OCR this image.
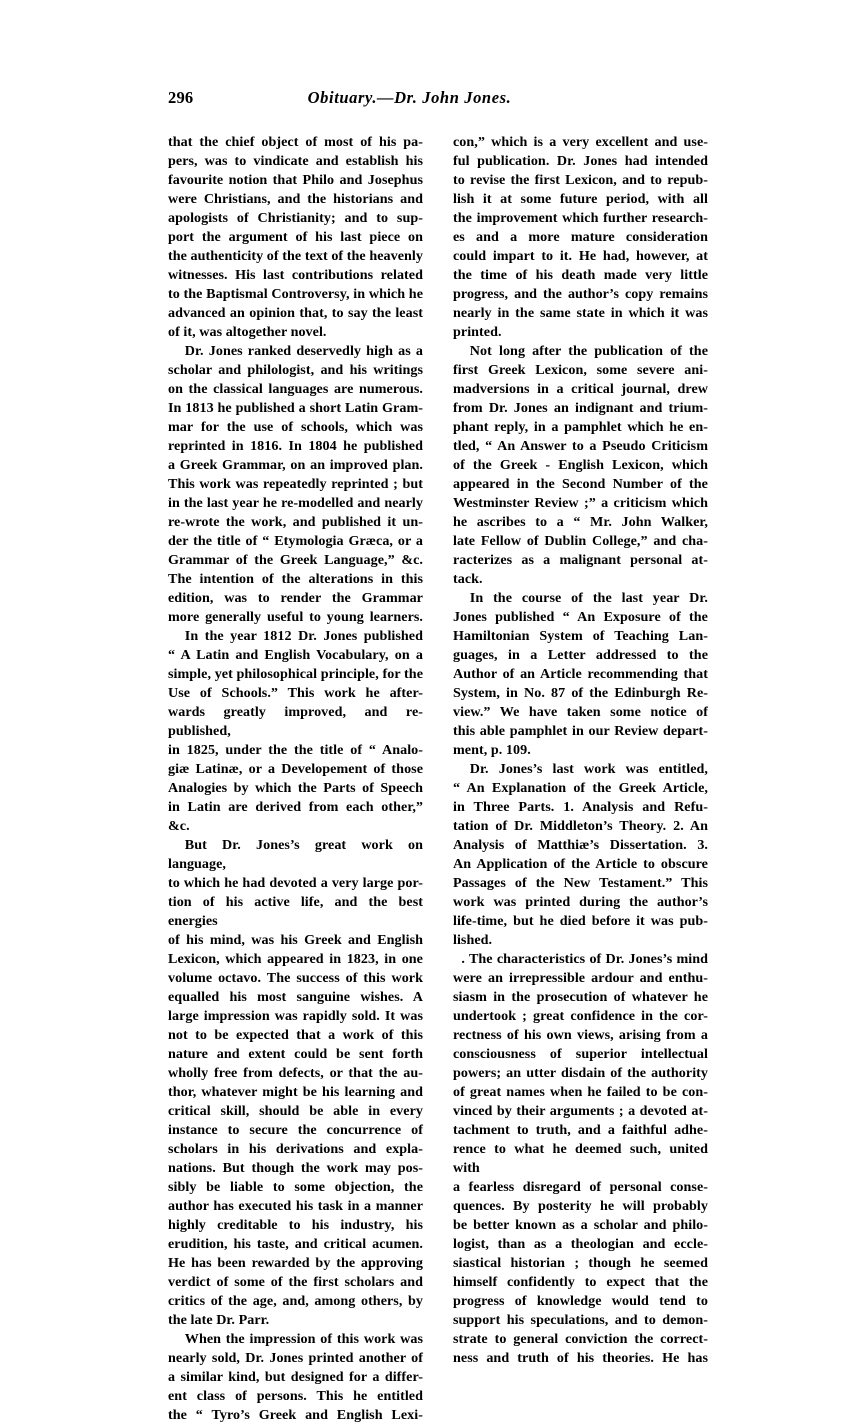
296	Obituary.—Dr. John Jones.
that the chief object of most of his pa-
pers, was to vindicate and establish his
favourite notion that Philo and Josephus
were Christians, and the historians and
apologists of Christianity; and to sup-
port the argument of his last piece on
the authenticity of the text of the heavenly
witnesses. His last contributions related
to the Baptismal Controversy, in which he
advanced an opinion that, to say the least
of it, was altogether novel.
Dr. Jones ranked deservedly high as a
scholar and philologist, and his writings
on the classical languages are numerous.
In 1813 he published a short Latin Gram-
mar for the use of schools, which was
reprinted in 1816. In 1804 he published
a Greek Grammar, on an improved plan.
This work was repeatedly reprinted ; but
in the last year he re-modelled and nearly
re-wrote the work, and published it un-
der the title of “ Etymologia Græca, or a
Grammar of the Greek Language,” &c.
The intention of the alterations in this
edition, was to render the Grammar
more generally useful to young learners.
In the year 1812 Dr. Jones published
“ A Latin and English Vocabulary, on a
simple, yet philosophical principle, for the
Use of Schools.” This work he after-
wards greatly improved, and re-published,
in 1825, under the the title of “ Analo-
giæ Latinæ, or a Developement of those
Analogies by which the Parts of Speech
in Latin are derived from each other,” &c.
But Dr. Jones’s great work on language,
to which he had devoted a very large por-
tion of his active life, and the best energies
of his mind, was his Greek and English
Lexicon, which appeared in 1823, in one
volume octavo. The success of this work
equalled his most sanguine wishes. A
large impression was rapidly sold. It was
not to be expected that a work of this
nature and extent could be sent forth
wholly free from defects, or that the au-
thor, whatever might be his learning and
critical skill, should be able in every
instance to secure the concurrence of
scholars in his derivations and expla-
nations. But though the work may pos-
sibly be liable to some objection, the
author has executed his task in a manner
highly creditable to his industry, his
erudition, his taste, and critical acumen.
He has been rewarded by the approving
verdict of some of the first scholars and
critics of the age, and, among others, by
the late Dr. Parr.
When the impression of this work was
nearly sold, Dr. Jones printed another of
a similar kind, but designed for a differ-
ent class of persons. This he entitled
the “ Tyro’s Greek and English Lexi-
con,” which is a very excellent and use-
ful publication. Dr. Jones had intended
to revise the first Lexicon, and to repub-
lish it at some future period, with all
the improvement which further research-
es and a more mature consideration
could impart to it. He had, however, at
the time of his death made very little
progress, and the author’s copy remains
nearly in the same state in which it was
printed.
Not long after the publication of the
first Greek Lexicon, some severe ani-
madversions in a critical journal, drew
from Dr. Jones an indignant and trium-
phant reply, in a pamphlet which he en-
tled, “ An Answer to a Pseudo Criticism
of the Greek - English Lexicon, which
appeared in the Second Number of the
Westminster Review ;” a criticism which
he ascribes to a “ Mr. John Walker,
late Fellow of Dublin College,” and cha-
racterizes as a malignant personal at-
tack.
In the course of the last year Dr.
Jones published “ An Exposure of the
Hamiltonian System of Teaching Lan-
guages, in a Letter addressed to the
Author of an Article recommending that
System, in No. 87 of the Edinburgh Re-
view.” We have taken some notice of
this able pamphlet in our Review depart-
ment, p. 109.
Dr. Jones’s last work was entitled,
“ An Explanation of the Greek Article,
in Three Parts. 1. Analysis and Refu-
tation of Dr. Middleton’s Theory. 2. An
Analysis of Matthiæ’s Dissertation. 3.
An Application of the Article to obscure
Passages of the New Testament.” This
work was printed during the author’s
life-time, but he died before it was pub-
lished.
. The characteristics of Dr. Jones’s mind
were an irrepressible ardour and enthu-
siasm in the prosecution of whatever he
undertook ; great confidence in the cor-
rectness of his own views, arising from a
consciousness of superior intellectual
powers; an utter disdain of the authority
of great names when he failed to be con-
vinced by their arguments ; a devoted at-
tachment to truth, and a faithful adhe-
rence to what he deemed such, united with
a fearless disregard of personal conse-
quences. By posterity he will probably
be better known as a scholar and philo-
logist, than as a theologian and eccle-
siastical historian ; though he seemed
himself confidently to expect that the
progress of knowledge would tend to
support his speculations, and to demon-
strate to general conviction the correct-
ness and truth of his theories. He has
